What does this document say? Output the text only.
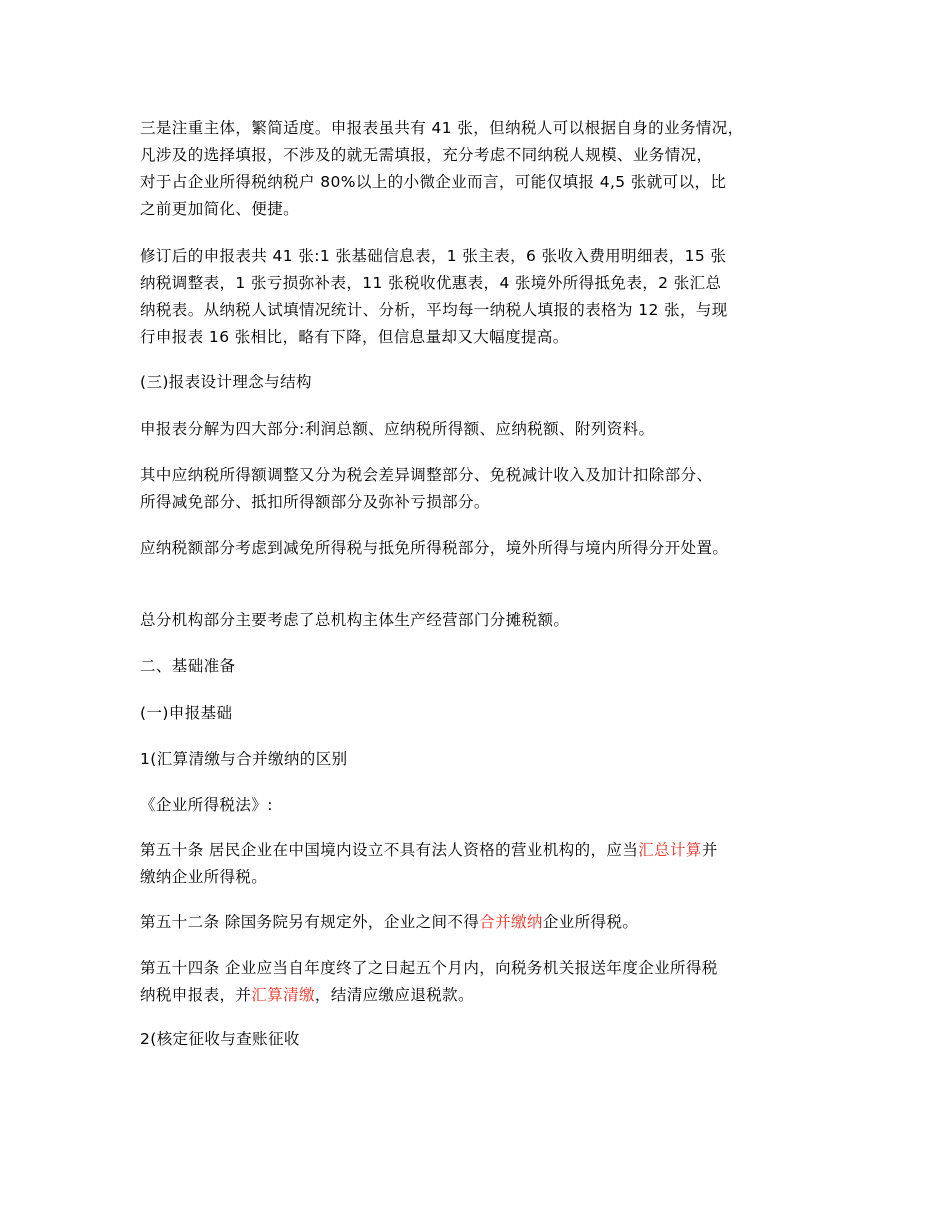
三是注重主体，繁简适度。申报表虽共有 41 张，但纳税人可以根据自身的业务情况，
凡涉及的选择填报，不涉及的就无需填报，充分考虑不同纳税人规模、业务情况，
对于占企业所得税纳税户 80%以上的小微企业而言，可能仅填报 4,5 张就可以，比
之前更加简化、便捷。

修订后的申报表共 41 张:1 张基础信息表，1 张主表，6 张收入费用明细表，15 张
纳税调整表，1 张亏损弥补表，11 张税收优惠表，4 张境外所得抵免表，2 张汇总
纳税表。从纳税人试填情况统计、分析，平均每一纳税人填报的表格为 12 张，与现
行申报表 16 张相比，略有下降，但信息量却又大幅度提高。

(三)报表设计理念与结构

申报表分解为四大部分:利润总额、应纳税所得额、应纳税额、附列资料。

其中应纳税所得额调整又分为税会差异调整部分、免税减计收入及加计扣除部分、
所得减免部分、抵扣所得额部分及弥补亏损部分。

应纳税额部分考虑到减免所得税与抵免所得税部分，境外所得与境内所得分开处置。

总分机构部分主要考虑了总机构主体生产经营部门分摊税额。

二、基础准备

(一)申报基础

1(汇算清缴与合并缴纳的区别

《企业所得税法》:

第五十条 居民企业在中国境内设立不具有法人资格的营业机构的，应当汇总计算并
缴纳企业所得税。

第五十二条 除国务院另有规定外，企业之间不得合并缴纳企业所得税。

第五十四条 企业应当自年度终了之日起五个月内，向税务机关报送年度企业所得税
纳税申报表，并汇算清缴，结清应缴应退税款。

2(核定征收与查账征收
